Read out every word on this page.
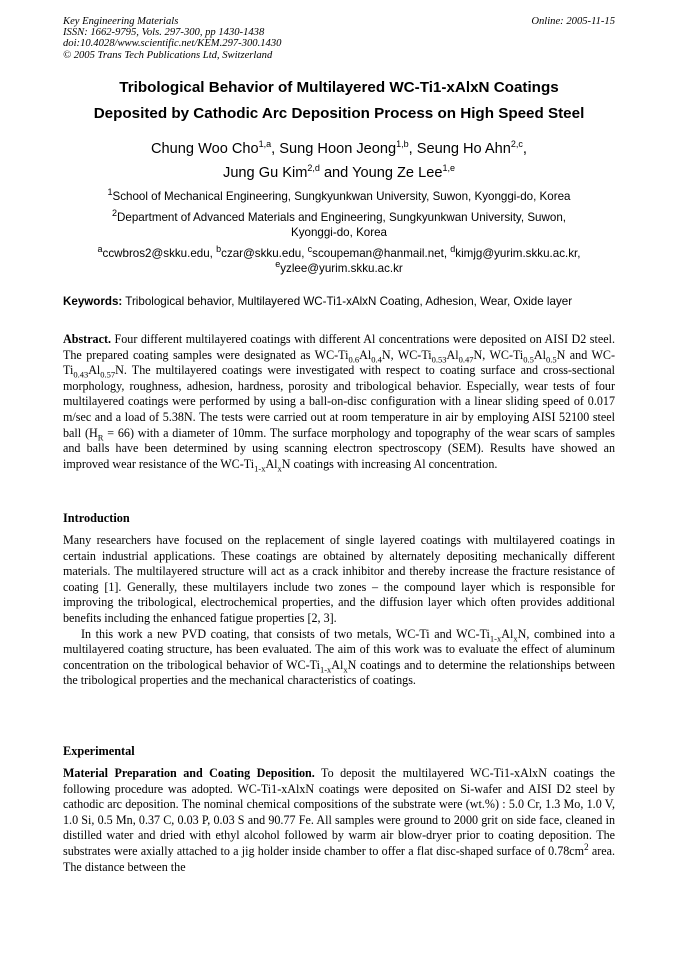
Key Engineering Materials
ISSN: 1662-9795, Vols. 297-300, pp 1430-1438
doi:10.4028/www.scientific.net/KEM.297-300.1430
© 2005 Trans Tech Publications Ltd, Switzerland
Online: 2005-11-15
Tribological Behavior of Multilayered WC-Ti1-xAlxN Coatings
Deposited by Cathodic Arc Deposition Process on High Speed Steel
Chung Woo Cho$^{1,a}$, Sung Hoon Jeong$^{1,b}$, Seung Ho Ahn$^{2,c}$,
Jung Gu Kim$^{2,d}$ and Young Ze Lee$^{1,e}$
$^1$School of Mechanical Engineering, Sungkyunkwan University, Suwon, Kyonggi-do, Korea
$^2$Department of Advanced Materials and Engineering, Sungkyunkwan University, Suwon,
Kyonggi-do, Korea
$^a$ccwbros2@skku.edu, $^b$czar@skku.edu, $^c$scoupeman@hanmail.net, $^d$kimjg@yurim.skku.ac.kr,
$^e$yzlee@yurim.skku.ac.kr
Keywords: Tribological behavior, Multilayered WC-Ti1-xAlxN Coating, Adhesion, Wear, Oxide layer
Abstract. Four different multilayered coatings with different Al concentrations were deposited on AISI D2 steel. The prepared coating samples were designated as $WC-Ti_{0.6}Al_{0.4}N$, $WC-Ti_{0.53}Al_{0.47}N$, $WC-Ti_{0.5}Al_{0.5}N$ and $WC-Ti_{0.43}Al_{0.57}N$. The multilayered coatings were investigated with respect to coating surface and cross-sectional morphology, roughness, adhesion, hardness, porosity and tribological behavior. Especially, wear tests of four multilayered coatings were performed by using a ball-on-disc configuration with a linear sliding speed of 0.017 m/sec and a load of 5.38N. The tests were carried out at room temperature in air by employing AISI 52100 steel ball $(H_R = 66)$ with a diameter of 10mm. The surface morphology and topography of the wear scars of samples and balls have been determined by using scanning electron spectroscopy (SEM). Results have showed an improved wear resistance of the $WC-Ti_{1-x}Al_xN$ coatings with increasing Al concentration.
Introduction
Many researchers have focused on the replacement of single layered coatings with multilayered coatings in certain industrial applications. These coatings are obtained by alternately depositing mechanically different materials. The multilayered structure will act as a crack inhibitor and thereby increase the fracture resistance of coating [1]. Generally, these multilayers include two zones – the compound layer which is responsible for improving the tribological, electrochemical properties, and the diffusion layer which often provides additional benefits including the enhanced fatigue properties [2, 3].
In this work a new PVD coating, that consists of two metals, WC-Ti and $WC-Ti_{1-x}Al_xN$, combined into a multilayered coating structure, has been evaluated. The aim of this work was to evaluate the effect of aluminum concentration on the tribological behavior of $WC-Ti_{1-x}Al_xN$ coatings and to determine the relationships between the tribological properties and the mechanical characteristics of coatings.
Experimental
Material Preparation and Coating Deposition. To deposit the multilayered WC-Ti1-xAlxN coatings the following procedure was adopted. WC-Ti1-xAlxN coatings were deposited on Si-wafer and AISI D2 steel by cathodic arc deposition. The nominal chemical compositions of the substrate were (wt.%) : 5.0 Cr, 1.3 Mo, 1.0 V, 1.0 Si, 0.5 Mn, 0.37 C, 0.03 P, 0.03 S and 90.77 Fe. All samples were ground to 2000 grit on side face, cleaned in distilled water and dried with ethyl alcohol followed by warm air blow-dryer prior to coating deposition. The substrates were axially attached to a jig holder inside chamber to offer a flat disc-shaped surface of $0.78cm^2$ area. The distance between the
